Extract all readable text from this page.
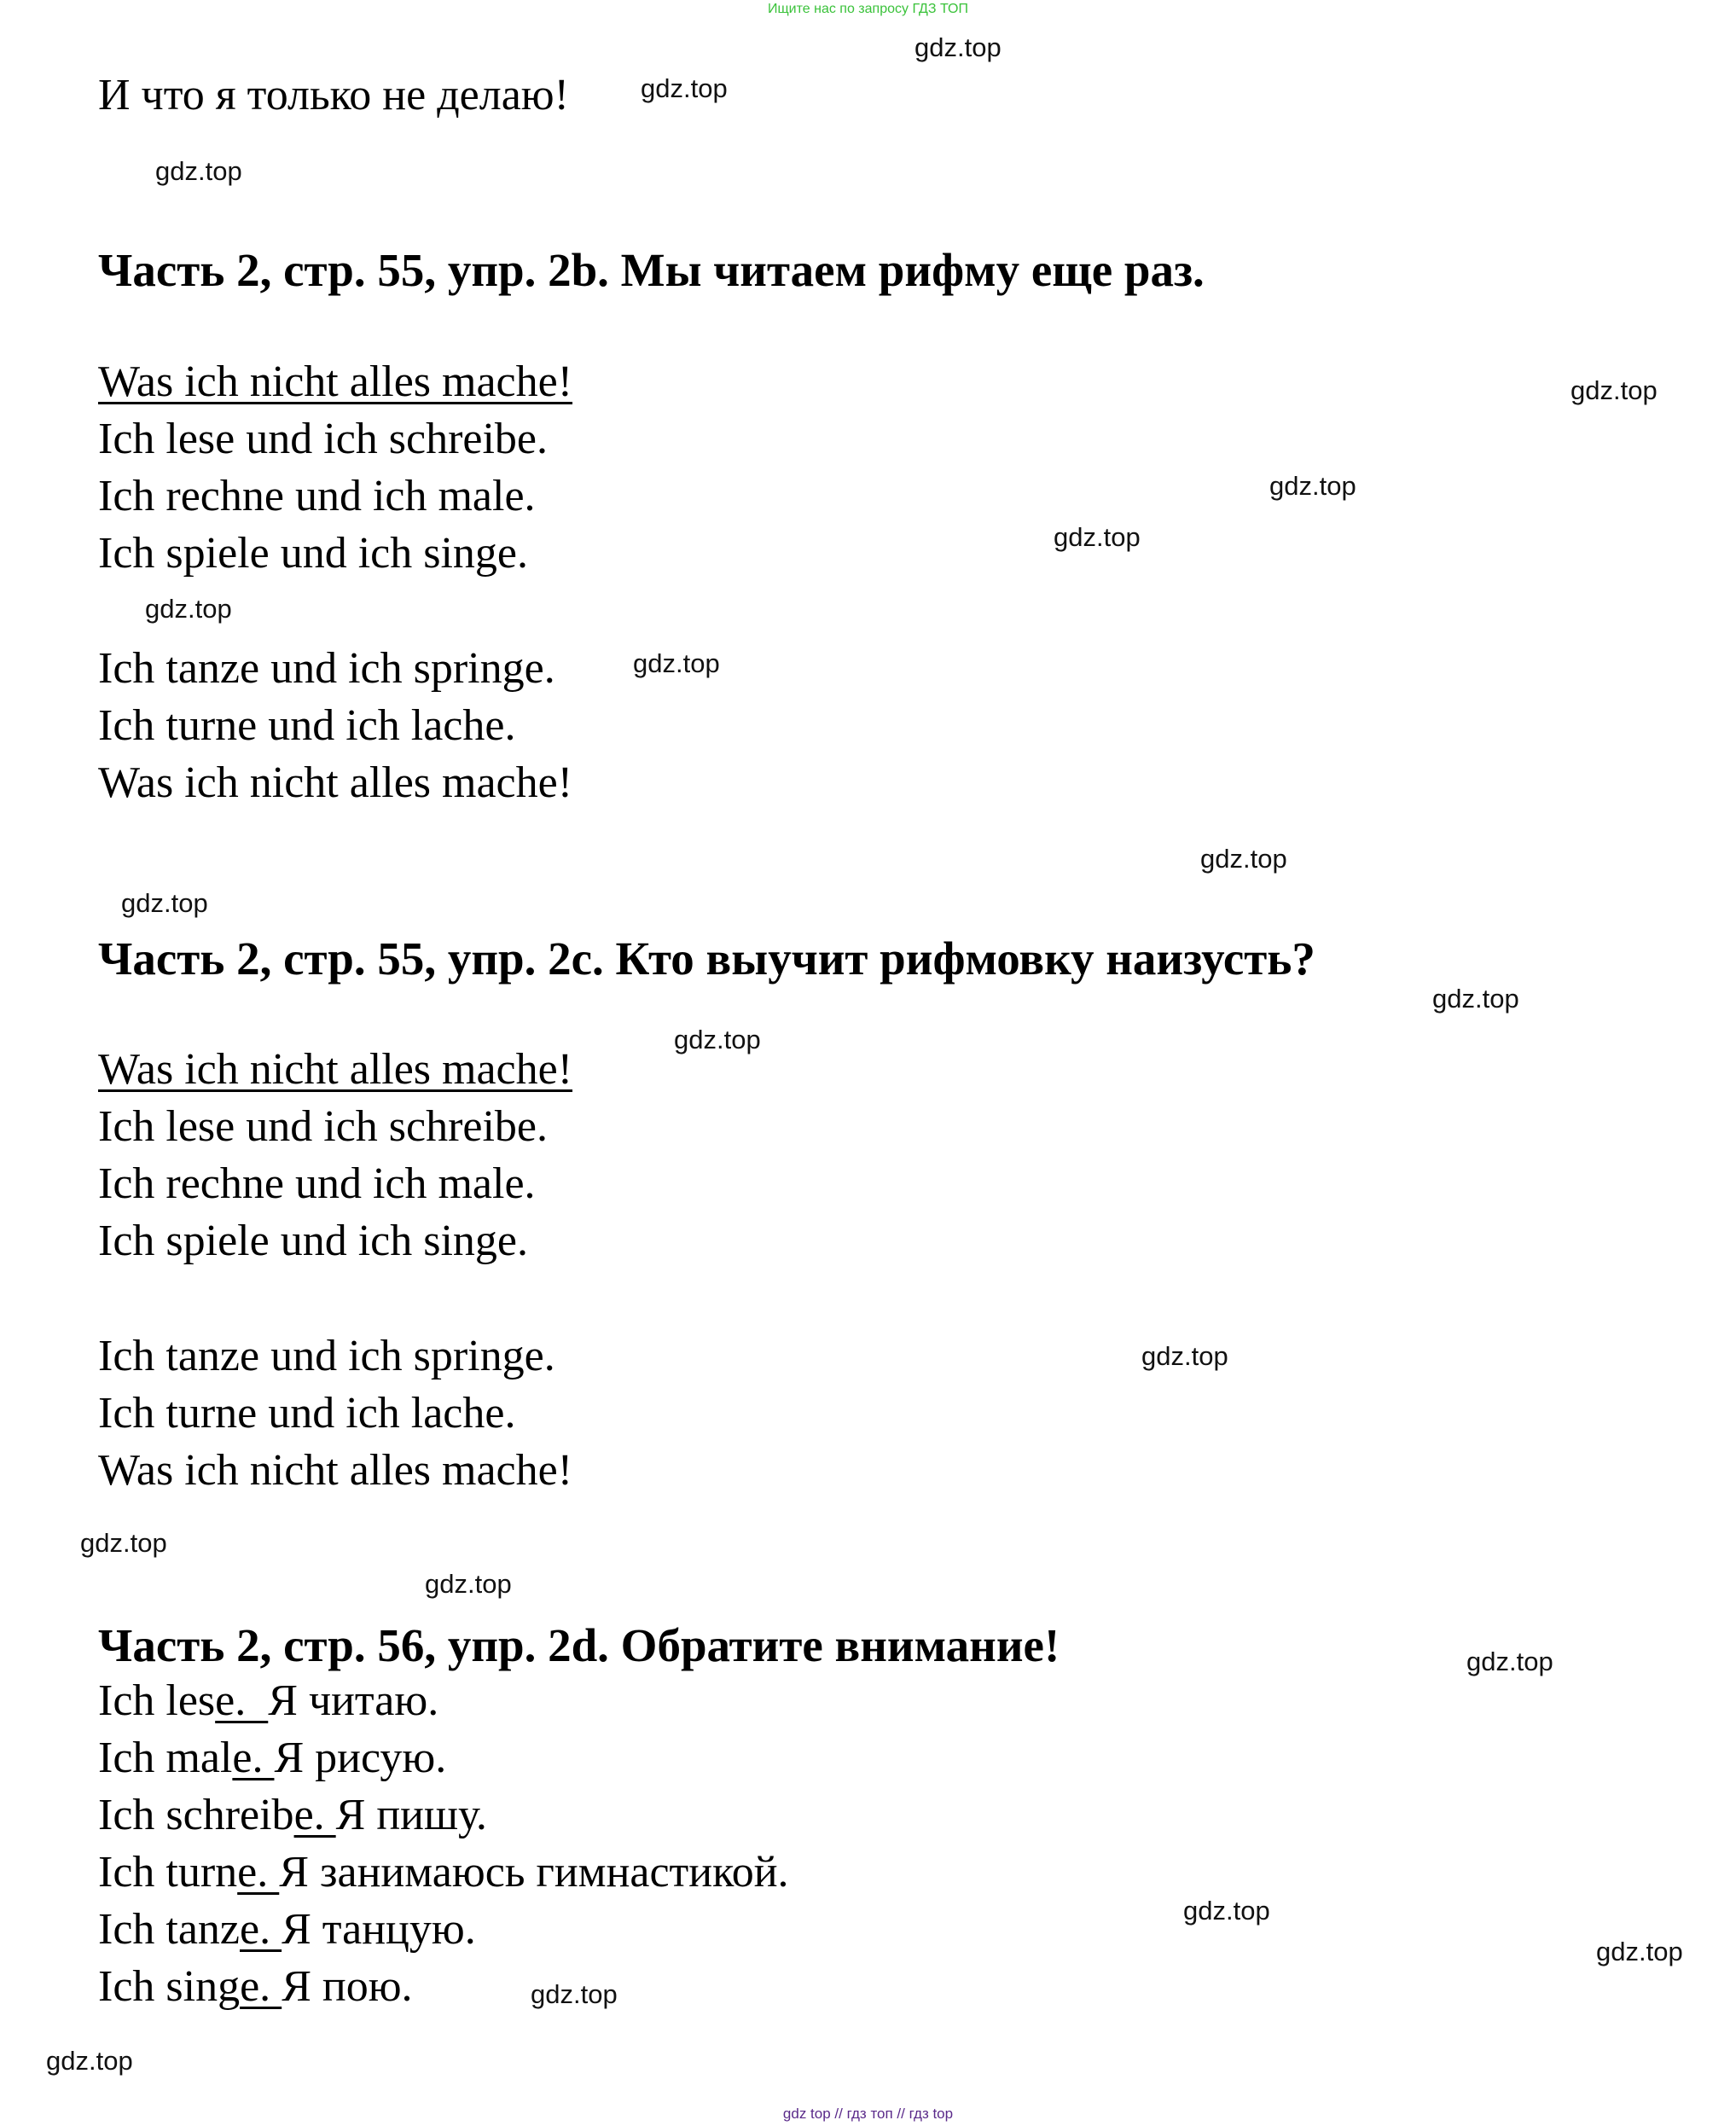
Ищите нас по запросу ГДЗ ТОП
И что я только не делаю!
Часть 2, стр. 55, упр. 2b. Мы читаем рифму еще раз.
Was ich nicht alles mache!
Ich lese und ich schreibe.
Ich rechne und ich male.
Ich spiele und ich singe.
Ich tanze und ich springe.
Ich turne und ich lache.
Was ich nicht alles mache!
Часть 2, стр. 55, упр. 2c. Кто выучит рифмовку наизусть?
Was ich nicht alles mache!
Ich lese und ich schreibe.
Ich rechne und ich male.
Ich spiele und ich singe.
Ich tanze und ich springe.
Ich turne und ich lache.
Was ich nicht alles mache!
Часть 2, стр. 56, упр. 2d. Обратите внимание!
Ich lese.  Я читаю.
Ich male. Я рисую.
Ich schreibe. Я пишу.
Ich turne. Я занимаюсь гимнастикой.
Ich tanze. Я танцую.
Ich singe. Я пою.
gdz.top
gdz.top
gdz.top
gdz.top
gdz.top
gdz.top
gdz.top
gdz.top
gdz.top
gdz.top
gdz.top
gdz.top
gdz.top
gdz.top
gdz.top
gdz.top
gdz.top
gdz.top
gdz.top
gdz.top
gdz top // гдз топ // гдз top
